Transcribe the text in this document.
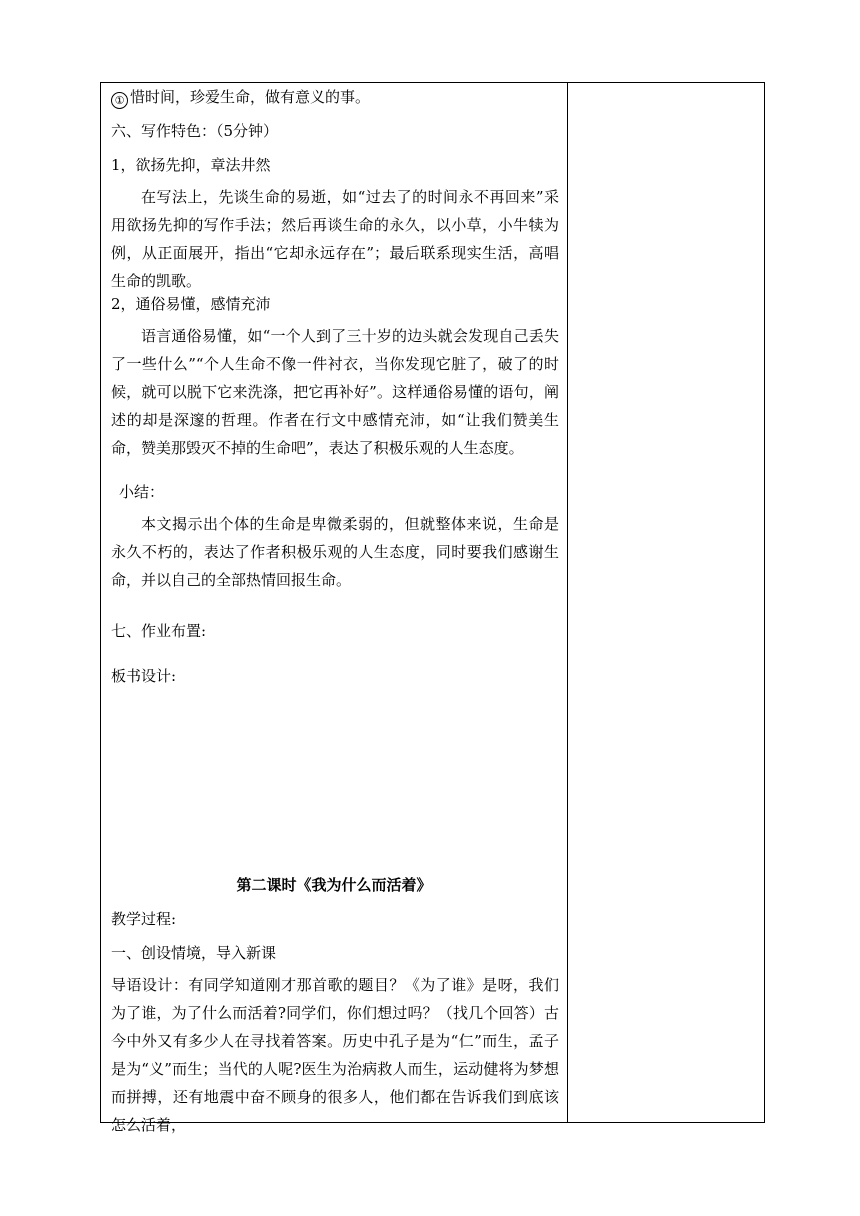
① 惜时间，珍爱生命，做有意义的事。
六、写作特色：（5分钟）
1，欲扬先抑，章法井然
在写法上，先谈生命的易逝，如“过去了的时间永不再回来”采用欲扬先抑的写作手法；然后再谈生命的永久，以小草，小牛犊为例，从正面展开，指出“它却永远存在”；最后联系现实生活，高唱生命的凯歌。
2，通俗易懂，感情充沛
语言通俗易懂，如“一个人到了三十岁的边头就会发现自己丢失了一些什么”“个人生命不像一件衬衣，当你发现它脏了，破了的时候，就可以脱下它来洗涤，把它再补好”。这样通俗易懂的语句，阐述的却是深邃的哲理。作者在行文中感情充沛，如“让我们赞美生命，赞美那毁灭不掉的生命吧”，表达了积极乐观的人生态度。
小结：
本文揭示出个体的生命是卑微柔弱的，但就整体来说，生命是永久不朽的，表达了作者积极乐观的人生态度，同时要我们感谢生命，并以自己的全部热情回报生命。
七、作业布置:
板书设计:
第二课时《我为什么而活着》
教学过程:
一、创设情境，导入新课
导语设计：有同学知道刚才那首歌的题目？《为了谁》是呀，我们为了谁，为了什么而活着?同学们，你们想过吗？（找几个回答）古今中外又有多少人在寻找着答案。历史中孔子是为“仁”而生，孟子是为“义”而生；当代的人呢?医生为治病救人而生，运动健将为梦想而拼搏，还有地震中奋不顾身的很多人，他们都在告诉我们到底该怎么活着，
